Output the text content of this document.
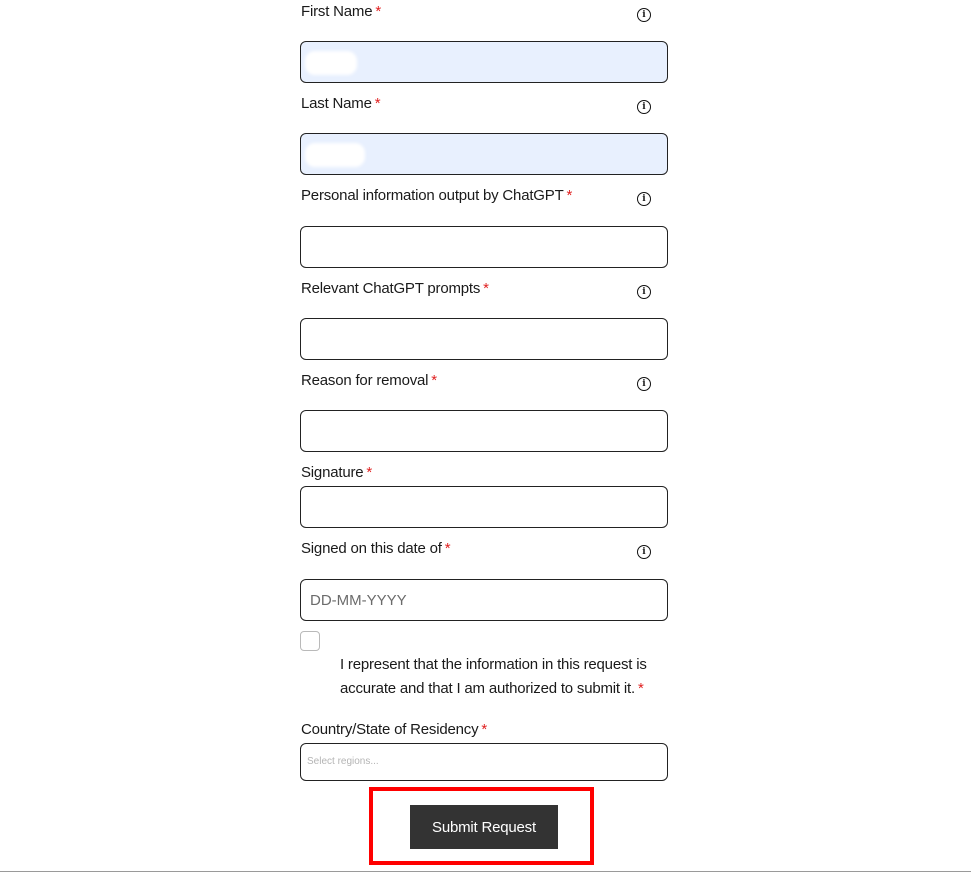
First Name *	i
Last Name *	i
Personal information output by ChatGPT *	i
Relevant ChatGPT prompts *	i
Reason for removal *	i
Signature *
Signed on this date of *	i
DD-MM-YYYY
I represent that the information in this request is
accurate and that I am authorized to submit it. *
Country/State of Residency *
Select regions...
Submit Request
